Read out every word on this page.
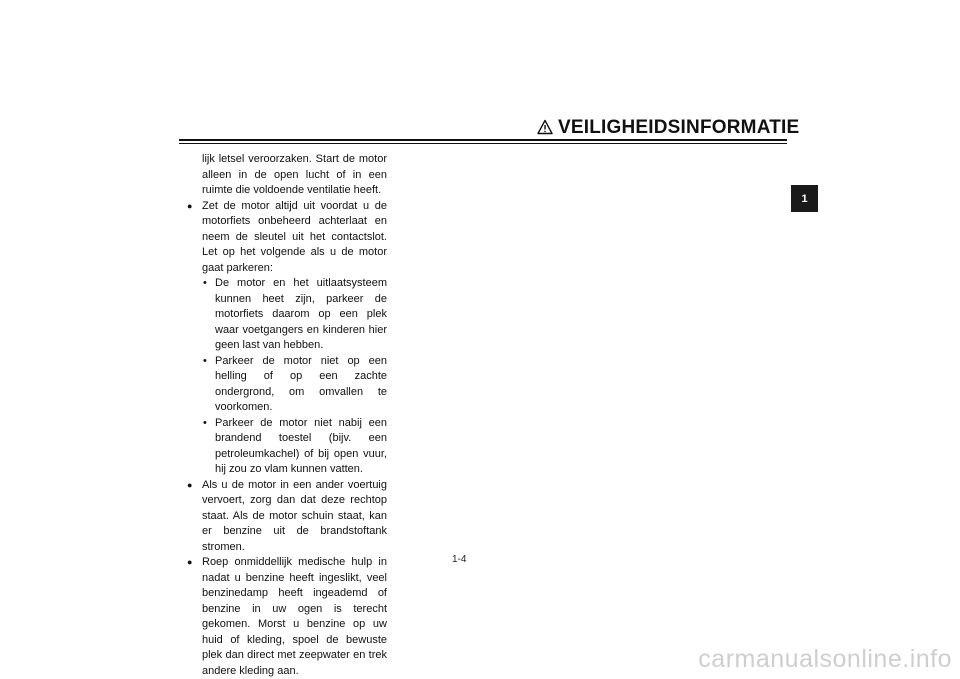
VEILIGHEIDSINFORMATIE
1
lijk letsel veroorzaken. Start de motor alleen in de open lucht of in een ruimte die voldoende ventilatie heeft.
● Zet de motor altijd uit voordat u de motorfiets onbeheerd achterlaat en neem de sleutel uit het contactslot. Let op het volgende als u de motor gaat parkeren:
• De motor en het uitlaatsysteem kunnen heet zijn, parkeer de motorfiets daarom op een plek waar voetgangers en kinderen hier geen last van hebben.
• Parkeer de motor niet op een helling of op een zachte ondergrond, om omvallen te voorkomen.
• Parkeer de motor niet nabij een brandend toestel (bijv. een petroleumkachel) of bij open vuur, hij zou zo vlam kunnen vatten.
● Als u de motor in een ander voertuig vervoert, zorg dan dat deze rechtop staat. Als de motor schuin staat, kan er benzine uit de brandstoftank stromen.
● Roep onmiddellijk medische hulp in nadat u benzine heeft ingeslikt, veel benzinedamp heeft ingeademd of benzine in uw ogen is terecht gekomen. Morst u benzine op uw huid of kleding, spoel de bewuste plek dan direct met zeepwater en trek andere kleding aan.
1-4
carmanualsonline.info
